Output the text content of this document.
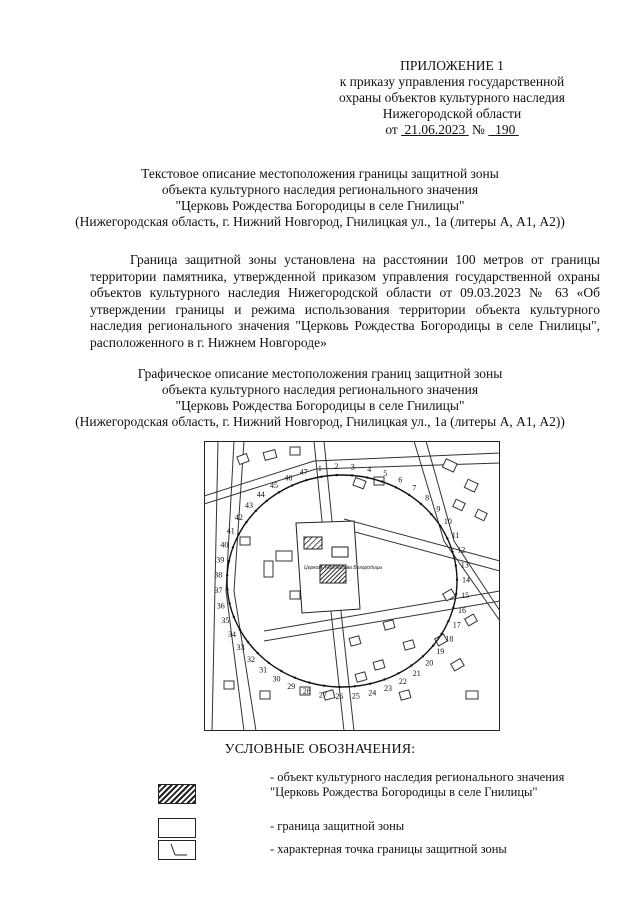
ПРИЛОЖЕНИЕ 1
к приказу управления государственной
охраны объектов культурного наследия
Нижегородской области
от 21.06.2023 № 190
Текстовое описание местоположения границы защитной зоны
объекта культурного наследия регионального значения
"Церковь Рождества Богородицы в селе Гнилицы"
(Нижегородская область, г. Нижний Новгород, Гнилицкая ул., 1а (литеры А, А1, А2))
Граница защитной зоны установлена на расстоянии 100 метров от границы территории памятника, утвержденной приказом управления государственной охраны объектов культурного наследия Нижегородской области от 09.03.2023 № 63 «Об утверждении границы и режима использования территории объекта культурного наследия регионального значения "Церковь Рождества Богородицы в селе Гнилицы", расположенного в г. Нижнем Новгороде»
Графическое описание местоположения границ защитной зоны
объекта культурного наследия регионального значения
"Церковь Рождества Богородицы в селе Гнилицы"
(Нижегородская область, г. Нижний Новгород, Гнилицкая ул., 1а (литеры А, А1, А2))
Церковь Рождества Богородицы
1 2 3 4 5
6
7
8
9
10
11
12
13
14
15
16
17
18
19
20
21
22
23
24
25
26
27
28
29
30
31
32
33
34
35
36
37
38
39
40
41
42
43
44
45
46
47
УСЛОВНЫЕ ОБОЗНАЧЕНИЯ:
- объект культурного наследия регионального значения "Церковь Рождества Богородицы в селе Гнилицы"
- граница защитной зоны
- характерная точка границы защитной зоны
